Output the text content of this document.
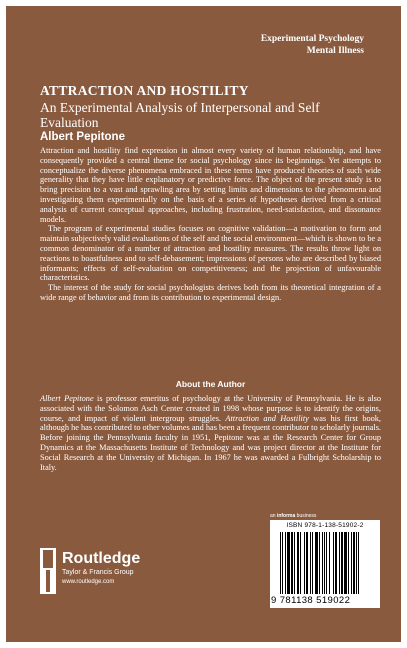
Experimental Psychology
Mental Illness
ATTRACTION AND HOSTILITY
An Experimental Analysis of Interpersonal and Self Evaluation
Albert Pepitone

Attraction and hostility find expression in almost every variety of human relationship, and have consequently provided a central theme for social psychology since its beginnings. Yet attempts to conceptualize the diverse phenomena embraced in these terms have produced theories of such wide generality that they have little explanatory or predictive force. The object of the present study is to bring precision to a vast and sprawling area by setting limits and dimensions to the phenomena and investigating them experimentally on the basis of a series of hypotheses derived from a critical analysis of current conceptual approaches, including frustration, need-satisfaction, and dissonance models.

The program of experimental studies focuses on cognitive validation—a motivation to form and maintain subjectively valid evaluations of the self and the social environment—which is shown to be a common denominator of a number of attraction and hostility measures. The results throw light on reactions to boastfulness and to self-debasement; impressions of persons who are described by biased informants; effects of self-evaluation on competitiveness; and the projection of unfavourable characteristics.

The interest of the study for social psychologists derives both from its theoretical integration of a wide range of behavior and from its contribution to experimental design.

About the Author

Albert Pepitone is professor emeritus of psychology at the University of Pennsylvania. He is also associated with the Solomon Asch Center created in 1998 whose purpose is to identify the origins, course, and impact of violent intergroup struggles. Attraction and Hostility was his first book, although he has contributed to other volumes and has been a frequent contributor to scholarly journals. Before joining the Pennsylvania faculty in 1951, Pepitone was at the Research Center for Group Dynamics at the Massachusetts Institute of Technology and was project director at the Institute for Social Research at the University of Michigan. In 1967 he was awarded a Fulbright Scholarship to Italy.

an informa business
ISBN 978-1-138-51902-2
9 781138 519022
Routledge
Taylor & Francis Group
www.routledge.com
